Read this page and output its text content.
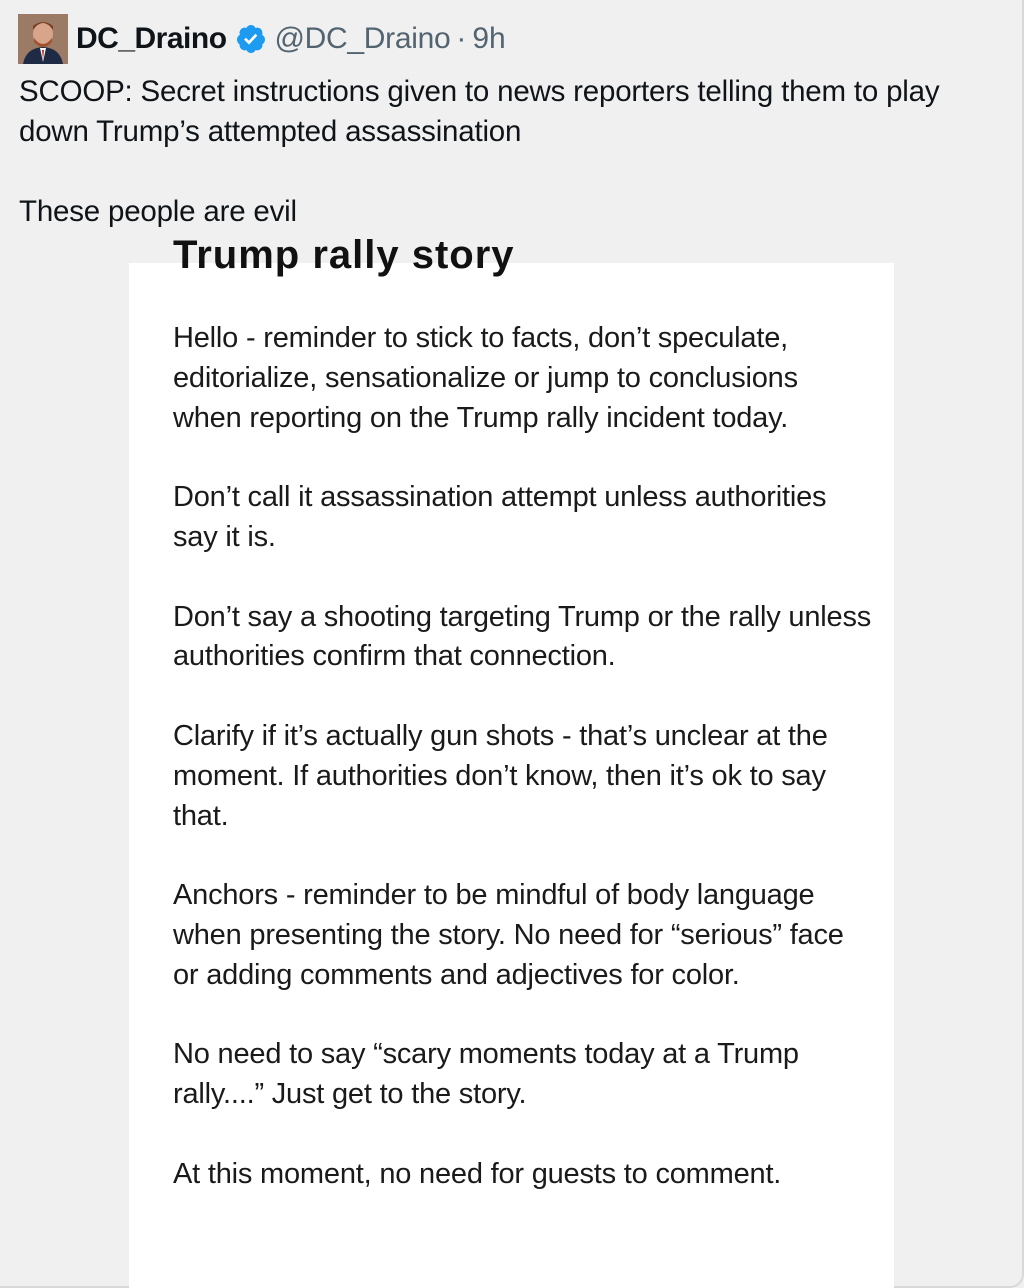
DC_Draino @DC_Draino · 9h

SCOOP: Secret instructions given to news reporters telling them to play down Trump’s attempted assassination

These people are evil

Trump rally story

Hello - reminder to stick to facts, don’t speculate, editorialize, sensationalize or jump to conclusions when reporting on the Trump rally incident today.

Don’t call it assassination attempt unless authorities say it is.

Don’t say a shooting targeting Trump or the rally unless authorities confirm that connection.

Clarify if it’s actually gun shots - that’s unclear at the moment. If authorities don’t know, then it’s ok to say that.

Anchors - reminder to be mindful of body language when presenting the story. No need for “serious” face or adding comments and adjectives for color.

No need to say “scary moments today at a Trump rally....” Just get to the story.

At this moment, no need for guests to comment.
